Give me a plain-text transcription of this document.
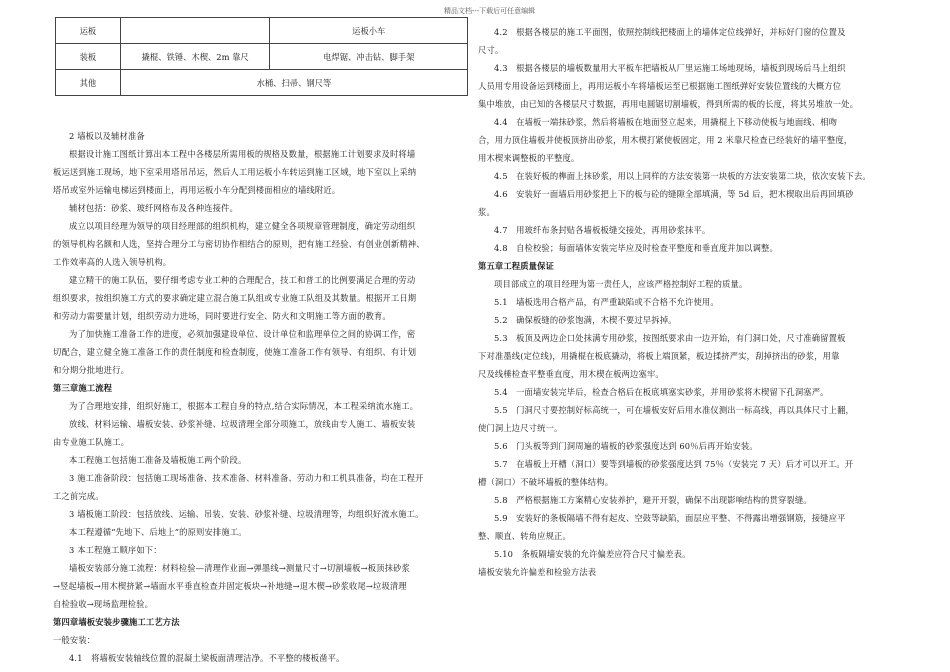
精品文档---下载后可任意编辑
运板		运板小车
装板	撬棍、铁锤、木楔、2m 靠尺	电焊锯、冲击钻、脚手架
其他	水桶、扫帚、钢尺等	
2 墙板以及辅材准备
根据设计施工图纸计算出本工程中各楼层所需用板的规格及数量，根据施工计划要求及时将墙
板运送到施工现场，地下室采用塔吊吊运，然后人工用运板小车转运到施工区域，地下室以上采纳
塔吊或室外运输电梯运到楼面上，再用运板小车分配到楼面相应的墙线附近。
辅材包括：砂浆、玻纤网格布及各种连接件。
成立以项目经理为领导的项目经理部的组织机构，建立健全各项规章管理制度，确定劳动组织
的领导机构名额和人选，坚持合理分工与密切协作相结合的原则，把有施工经验、有创业创新精神、
工作效率高的人选入领导机构。
建立精干的施工队伍，要仔细考虑专业工种的合理配合，技工和普工的比例要满足合理的劳动
组织要求，按组织施工方式的要求确定建立混合施工队组或专业施工队组及其数量。根据开工日期
和劳动力需要量计划，组织劳动力进场，同时要进行安全、防火和文明施工等方面的教育。
为了加快施工准备工作的进度，必须加强建设单位、设计单位和监理单位之间的协调工作，密
切配合，建立健全施工准备工作的责任制度和检查制度，使施工准备工作有领导、有组织、有计划
和分期分批地进行。
第三章施工流程
为了合理地安排，组织好施工，根据本工程自身的特点,结合实际情况，本工程采纳流水施工。
放线、材料运输、墙板安装、砂浆补缝、垃圾清理全部分项施工，放线由专人施工、墙板安装
由专业施工队施工。
本工程施工包括施工准备及墙板施工两个阶段。
3 施工准备阶段：包括施工现场准备、技术准备、材料准备、劳动力和工机具准备，均在工程开
工之前完成。
3 墙板施工阶段：包括放线、运输、吊装、安装、砂浆补缝、垃圾清理等，均组织好流水施工。
本工程遵循“先地下、后地上”的原则安排施工。
3 本工程施工顺序如下：
墙板安装部分施工流程：材料检验—清理作业面→弹墨线→测量尺寸→切割墙板→板顶抹砂浆
→竖起墙板→用木楔挤紧→墙面水平垂直检查并固定板块→补地缝→退木楔→砂浆收尾→垃圾清理
自检验收→现场监理检验。
第四章墙板安装步骤施工工艺方法
一般安装：
4.1　将墙板安装轴线位置的混凝土梁板面清理洁净。不平整的楼板凿平。
4.2　根据各楼层的施工平面图，依照控制线把楼面上的墙体定位线弹好，并标好门窗的位置及
尺寸。
4.3　根据各楼层的墙板数量用大平板车把墙板从厂里运施工场地现场，墙板到现场后马上组织
人员用专用设备运到楼面上，再用运板小车将墙板运至已根据施工图纸弹好安装位置线的大概方位
集中堆放，由已知的各楼层尺寸数据，再用电圆锯切割墙板，得到所需的板的长度，将其另堆放一处。
4.4　在墙板一端抹砂浆，然后将墙板在地面竖立起来，用撬棍上下移动使板与地面线、相吻
合，用力顶住墙板并使板顶挤出砂浆，用木楔打紧使板固定，用 2 米靠尺检查已经装好的墙平整度，
用木楔来调整板的平整度。
4.5　在装好板的榫面上抹砂浆，用以上同样的方法安装第一块板的方法安装第二块，依次安装下去。
4.6　安装好一面墙后用砂浆把上下的板与砼的缝隙全部填满，等 5d 后，把木楔取出后再回填砂
浆。
4.7　用玻纤布条封贴各墙板板缝交接处，再用砂浆抹平。
4.8　自检校验；每面墙体安装完毕应及时检查平整度和垂直度并加以调整。
第五章工程质量保证
项目部成立的项目经理为第一责任人，应该严格控制好工程的质量。
5.1　墙板选用合格产品，有严重缺陷或不合格不允许使用。
5.2　确保板缝的砂浆饱满，木楔不要过早拆掉。
5.3　板顶及两边企口处抹满专用砂浆，按图纸要求由一边开始，有门洞口处，尺寸准确留置板
下对准墨线(定位线)，用撬棍在板底撬动，将板上端顶紧，板边揉挤严实，刮掉挤出的砂浆，用靠
尺及线棰检查平整垂直度，用木楔在板两边塞牢。
5.4　一面墙安装完毕后，检查合格后在板底填塞实砂浆，并用砂浆将木楔留下孔洞塞严。
5.5　门洞尺寸要控制好标高统一，可在墙板安好后用水准仪测出一标高线，再以具体尺寸上翻，
使门洞上边尺寸统一。
5.6　门头板等到门洞周遍的墙板的砂浆强度达到 60％后再开始安装。
5.7　在墙板上开槽（洞口）要等到墙板的砂浆强度达到 75％（安装完 7 天）后才可以开工。开
槽（洞口）不破坏墙板的整体结构。
5.8　严格根据施工方案精心安装养护，避开开裂，确保不出现影响结构的贯穿裂缝。
5.9　安装好的条板隔墙不得有起皮、空鼓等缺陷，面层应平整、不得露出增强钢筋，接缝应平
整、顺直、转角应规正。
5.10　条板隔墙安装的允许偏差应符合尺寸偏差表。
墙板安装允许偏差和检验方法表
